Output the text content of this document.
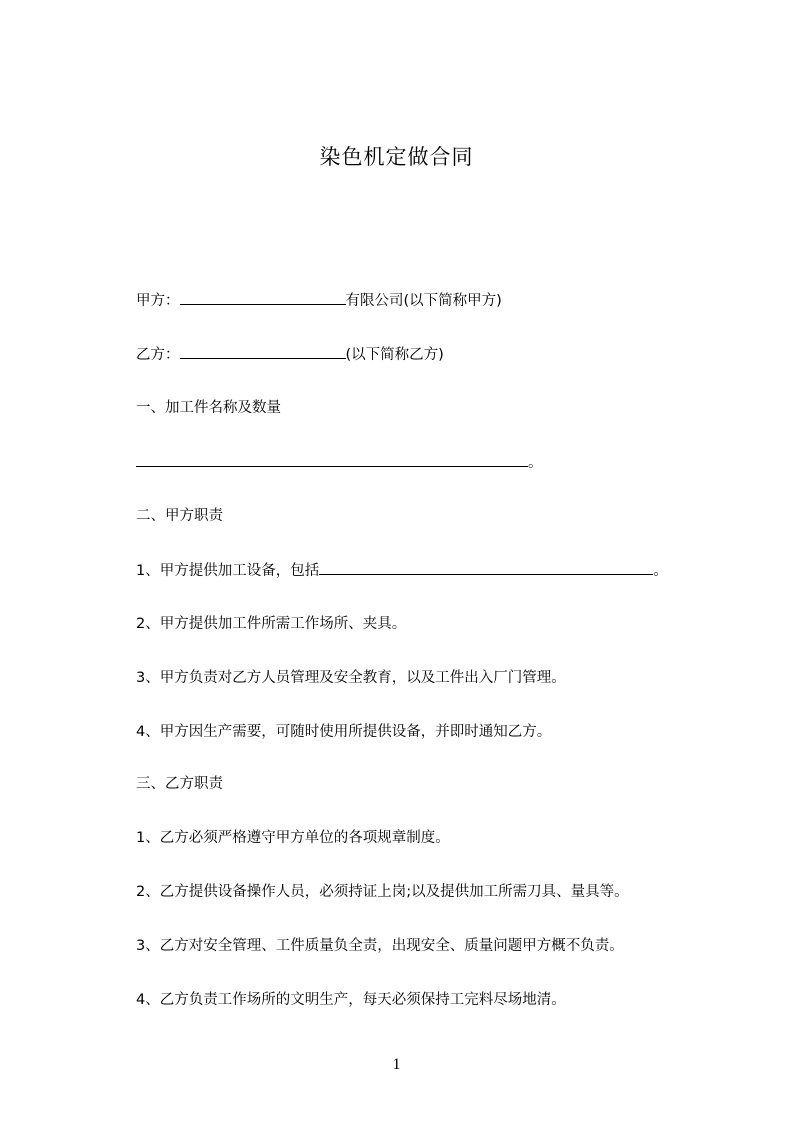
染色机定做合同
甲方：	有限公司(以下简称甲方)
乙方：	(以下简称乙方)
一、加工件名称及数量
。
二、甲方职责
1、甲方提供加工设备，包括	。
2、甲方提供加工件所需工作场所、夹具。
3、甲方负责对乙方人员管理及安全教育，以及工件出入厂门管理。
4、甲方因生产需要，可随时使用所提供设备，并即时通知乙方。
三、乙方职责
1、乙方必须严格遵守甲方单位的各项规章制度。
2、乙方提供设备操作人员，必须持证上岗;以及提供加工所需刀具、量具等。
3、乙方对安全管理、工件质量负全责，出现安全、质量问题甲方概不负责。
4、乙方负责工作场所的文明生产，每天必须保持工完料尽场地清。
1
